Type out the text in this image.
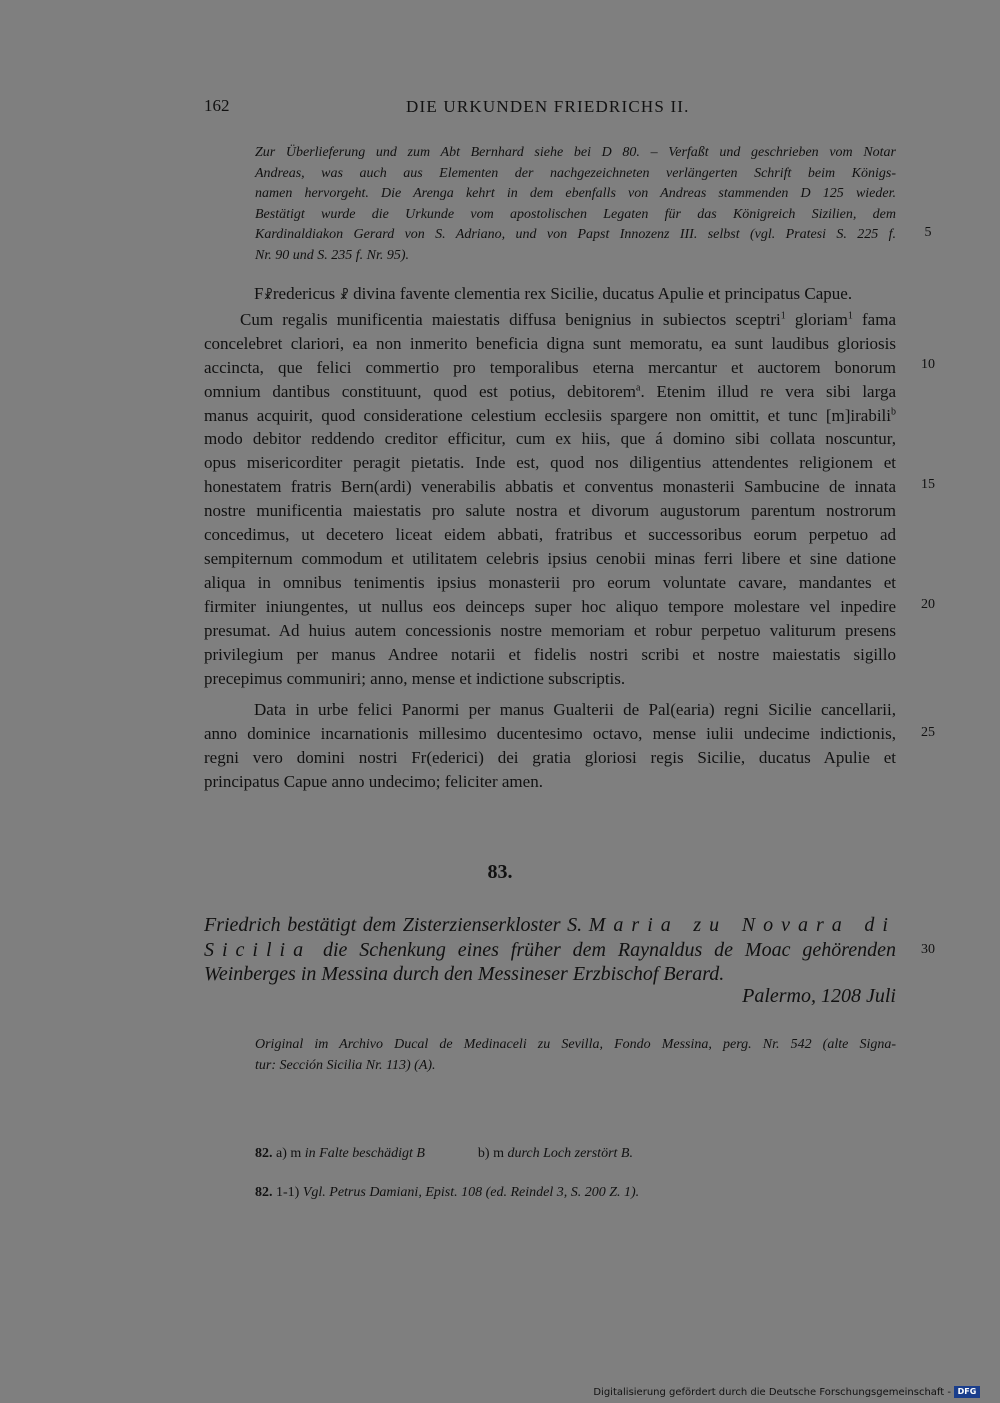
162	DIE URKUNDEN FRIEDRICHS II.

Zur Überlieferung und zum Abt Bernhard siehe bei D 80. – Verfaßt und geschrieben vom Notar

Andreas, was auch aus Elementen der nachgezeichneten verlängerten Schrift beim Königs-

namen hervorgeht. Die Arenga kehrt in dem ebenfalls von Andreas stammenden D 125 wieder.

Bestätigt wurde die Urkunde vom apostolischen Legaten für das Königreich Sizilien, dem

Kardinaldiakon Gerard von S. Adriano, und von Papst Innozenz III. selbst (vgl. Pratesi S. 225 f.

Nr. 90 und S. 235 f. Nr. 95).

F☧redericus ☧ divina favente clementia rex Sicilie, ducatus Apulie et principatus Capue.
Cum regalis munificentia maiestatis diffusa benignius in subiectos sceptri$^1$ gloriam$^1$ fama
concelebret clariori, ea non inmerito beneficia digna sunt memoratu, ea sunt laudibus gloriosis
accincta, que felici commertio pro temporalibus eterna mercantur et auctorem bonorum
omnium dantibus constituunt, quod est potius, debitorem$^a$. Etenim illud re vera sibi larga
manus acquirit, quod consideratione celestium ecclesiis spargere non omittit, et tunc [m]irabili$^b$
modo debitor reddendo creditor efficitur, cum ex hiis, que á domino sibi collata noscuntur,
opus misericorditer peragit pietatis. Inde est, quod nos diligentius attendentes religionem et
honestatem fratris Bern(ardi) venerabilis abbatis et conventus monasterii Sambucine de innata
nostre munificentia maiestatis pro salute nostra et divorum augustorum parentum nostrorum
concedimus, ut decetero liceat eidem abbati, fratribus et successoribus eorum perpetuo ad
sempiternum commodum et utilitatem celebris ipsius cenobii minas ferri libere et sine datione
aliqua in omnibus tenimentis ipsius monasterii pro eorum voluntate cavare, mandantes et
firmiter iniungentes, ut nullus eos deinceps super hoc aliquo tempore molestare vel inpedire
presumat. Ad huius autem concessionis nostre memoriam et robur perpetuo valiturum presens
privilegium per manus Andree notarii et fidelis nostri scribi et nostre maiestatis sigillo
precepimus communiri; anno, mense et indictione subscriptis.
Data in urbe felici Panormi per manus Gualterii de Pal(earia) regni Sicilie cancellarii,
anno dominice incarnationis millesimo ducentesimo octavo, mense iulii undecime indictionis,
regni vero domini nostri Fr(ederici) dei gratia gloriosi regis Sicilie, ducatus Apulie et
principatus Capue anno undecimo; feliciter amen.
5
10
15
20
25
30
83.
Friedrich bestätigt dem Zisterzienserkloster S. Maria zu Novara di
Sicilia die Schenkung eines früher dem Raynaldus de Moac gehörenden
Weinberges in Messina durch den Messineser Erzbischof Berard.
Palermo, 1208 Juli

Original im Archivo Ducal de Medinaceli zu Sevilla, Fondo Messina, perg. Nr. 542 (alte Signa-

tur: Sección Sicilia Nr. 113) (A).

82. a) m in Falte beschädigt B	b) m durch Loch zerstört B.
82. 1-1) Vgl. Petrus Damiani, Epist. 108 (ed. Reindel 3, S. 200 Z. 1).
Digitalisierung gefördert durch die Deutsche Forschungsgemeinschaft - DFG
